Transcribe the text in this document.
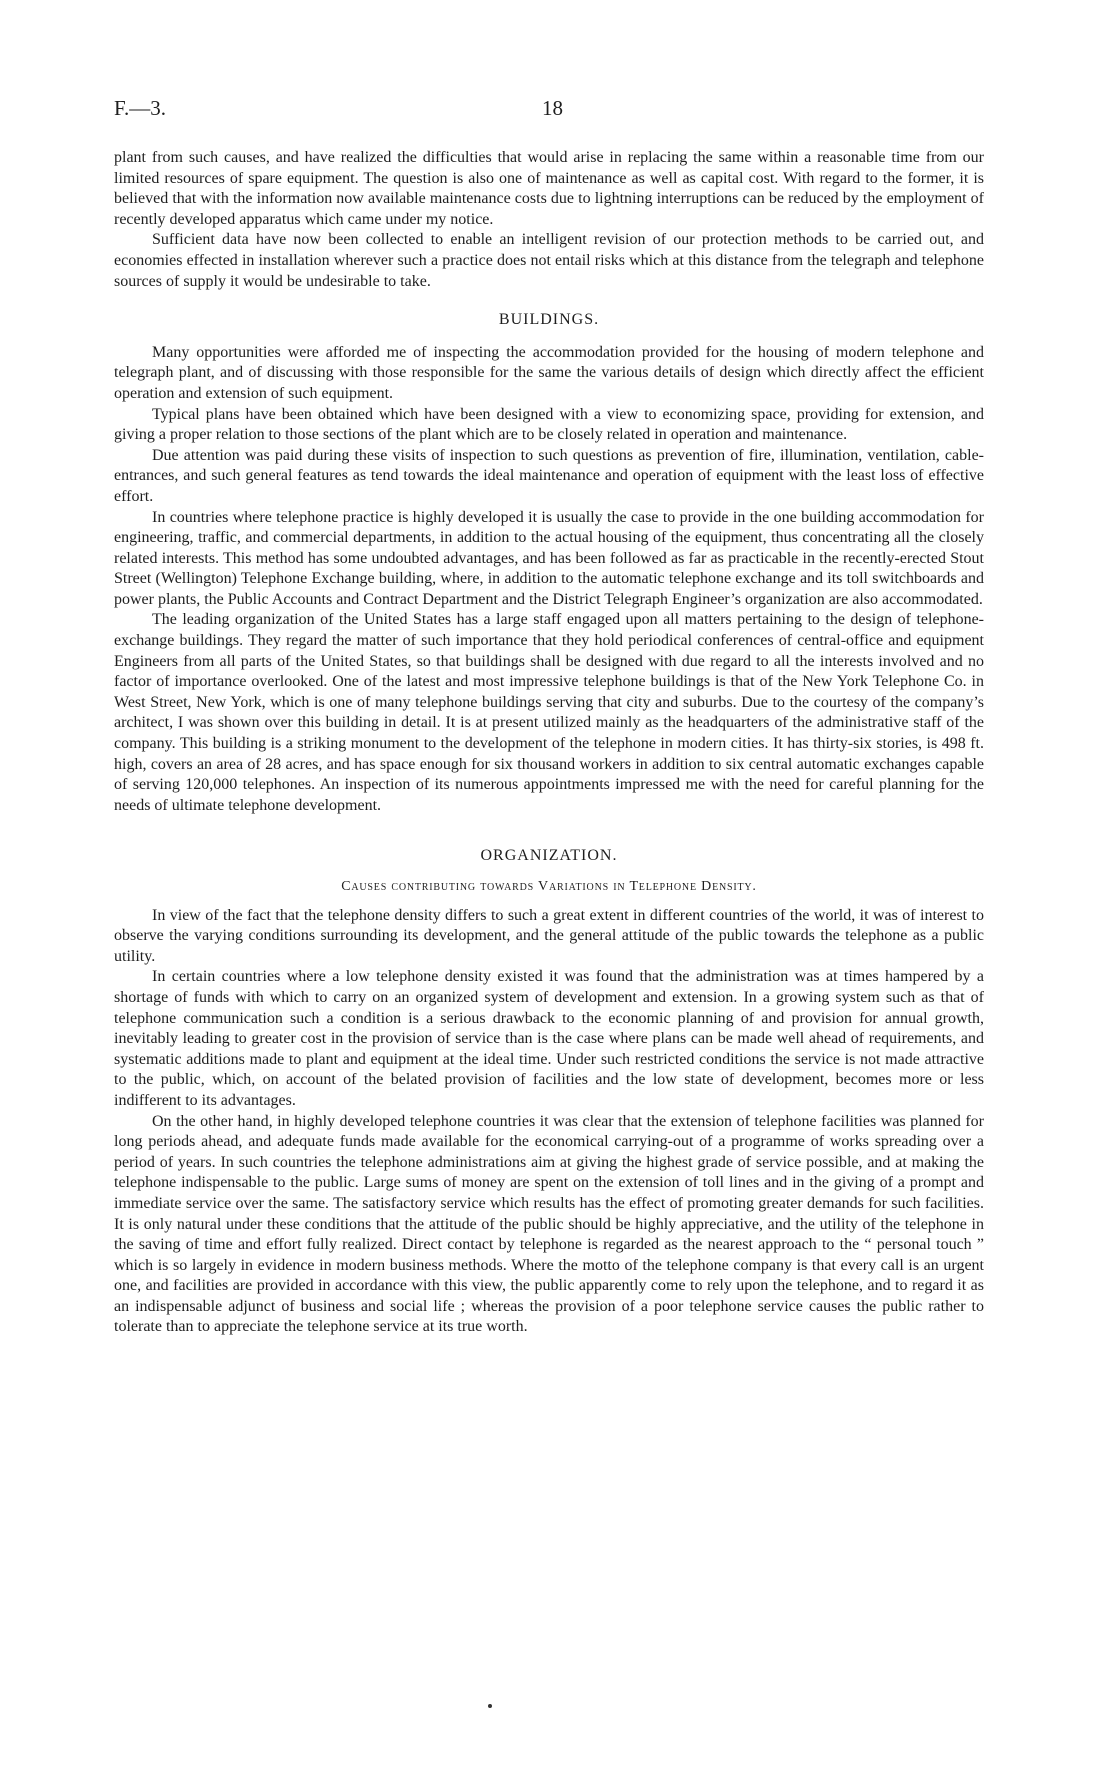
F.—3.	18

plant from such causes, and have realized the difficulties that would arise in replacing the same within a reasonable time from our limited resources of spare equipment. The question is also one of maintenance as well as capital cost. With regard to the former, it is believed that with the information now available maintenance costs due to lightning interruptions can be reduced by the employment of recently developed apparatus which came under my notice.

Sufficient data have now been collected to enable an intelligent revision of our protection methods to be carried out, and economies effected in installation wherever such a practice does not entail risks which at this distance from the telegraph and telephone sources of supply it would be undesirable to take.

BUILDINGS.

Many opportunities were afforded me of inspecting the accommodation provided for the housing of modern telephone and telegraph plant, and of discussing with those responsible for the same the various details of design which directly affect the efficient operation and extension of such equipment.

Typical plans have been obtained which have been designed with a view to economizing space, providing for extension, and giving a proper relation to those sections of the plant which are to be closely related in operation and maintenance.

Due attention was paid during these visits of inspection to such questions as prevention of fire, illumination, ventilation, cable-entrances, and such general features as tend towards the ideal maintenance and operation of equipment with the least loss of effective effort.

In countries where telephone practice is highly developed it is usually the case to provide in the one building accommodation for engineering, traffic, and commercial departments, in addition to the actual housing of the equipment, thus concentrating all the closely related interests. This method has some undoubted advantages, and has been followed as far as practicable in the recently-erected Stout Street (Wellington) Telephone Exchange building, where, in addition to the automatic telephone exchange and its toll switchboards and power plants, the Public Accounts and Contract Department and the District Telegraph Engineer’s organization are also accommodated.

The leading organization of the United States has a large staff engaged upon all matters pertaining to the design of telephone-exchange buildings. They regard the matter of such importance that they hold periodical conferences of central-office and equipment Engineers from all parts of the United States, so that buildings shall be designed with due regard to all the interests involved and no factor of importance overlooked. One of the latest and most impressive telephone buildings is that of the New York Telephone Co. in West Street, New York, which is one of many telephone buildings serving that city and suburbs. Due to the courtesy of the company’s architect, I was shown over this building in detail. It is at present utilized mainly as the headquarters of the administrative staff of the company. This building is a striking monument to the development of the telephone in modern cities. It has thirty-six stories, is 498 ft. high, covers an area of 28 acres, and has space enough for six thousand workers in addition to six central automatic exchanges capable of serving 120,000 telephones. An inspection of its numerous appointments impressed me with the need for careful planning for the needs of ultimate telephone development.

ORGANIZATION.
Causes contributing towards Variations in Telephone Density.

In view of the fact that the telephone density differs to such a great extent in different countries of the world, it was of interest to observe the varying conditions surrounding its development, and the general attitude of the public towards the telephone as a public utility.

In certain countries where a low telephone density existed it was found that the administration was at times hampered by a shortage of funds with which to carry on an organized system of development and extension. In a growing system such as that of telephone communication such a condition is a serious drawback to the economic planning of and provision for annual growth, inevitably leading to greater cost in the provision of service than is the case where plans can be made well ahead of requirements, and systematic additions made to plant and equipment at the ideal time. Under such restricted conditions the service is not made attractive to the public, which, on account of the belated provision of facilities and the low state of development, becomes more or less indifferent to its advantages.

On the other hand, in highly developed telephone countries it was clear that the extension of telephone facilities was planned for long periods ahead, and adequate funds made available for the economical carrying-out of a programme of works spreading over a period of years. In such countries the telephone administrations aim at giving the highest grade of service possible, and at making the telephone indispensable to the public. Large sums of money are spent on the extension of toll lines and in the giving of a prompt and immediate service over the same. The satisfactory service which results has the effect of promoting greater demands for such facilities. It is only natural under these conditions that the attitude of the public should be highly appreciative, and the utility of the telephone in the saving of time and effort fully realized. Direct contact by telephone is regarded as the nearest approach to the “ personal touch ” which is so largely in evidence in modern business methods. Where the motto of the telephone company is that every call is an urgent one, and facilities are provided in accordance with this view, the public apparently come to rely upon the telephone, and to regard it as an indispensable adjunct of business and social life ; whereas the provision of a poor telephone service causes the public rather to tolerate than to appreciate the telephone service at its true worth.
